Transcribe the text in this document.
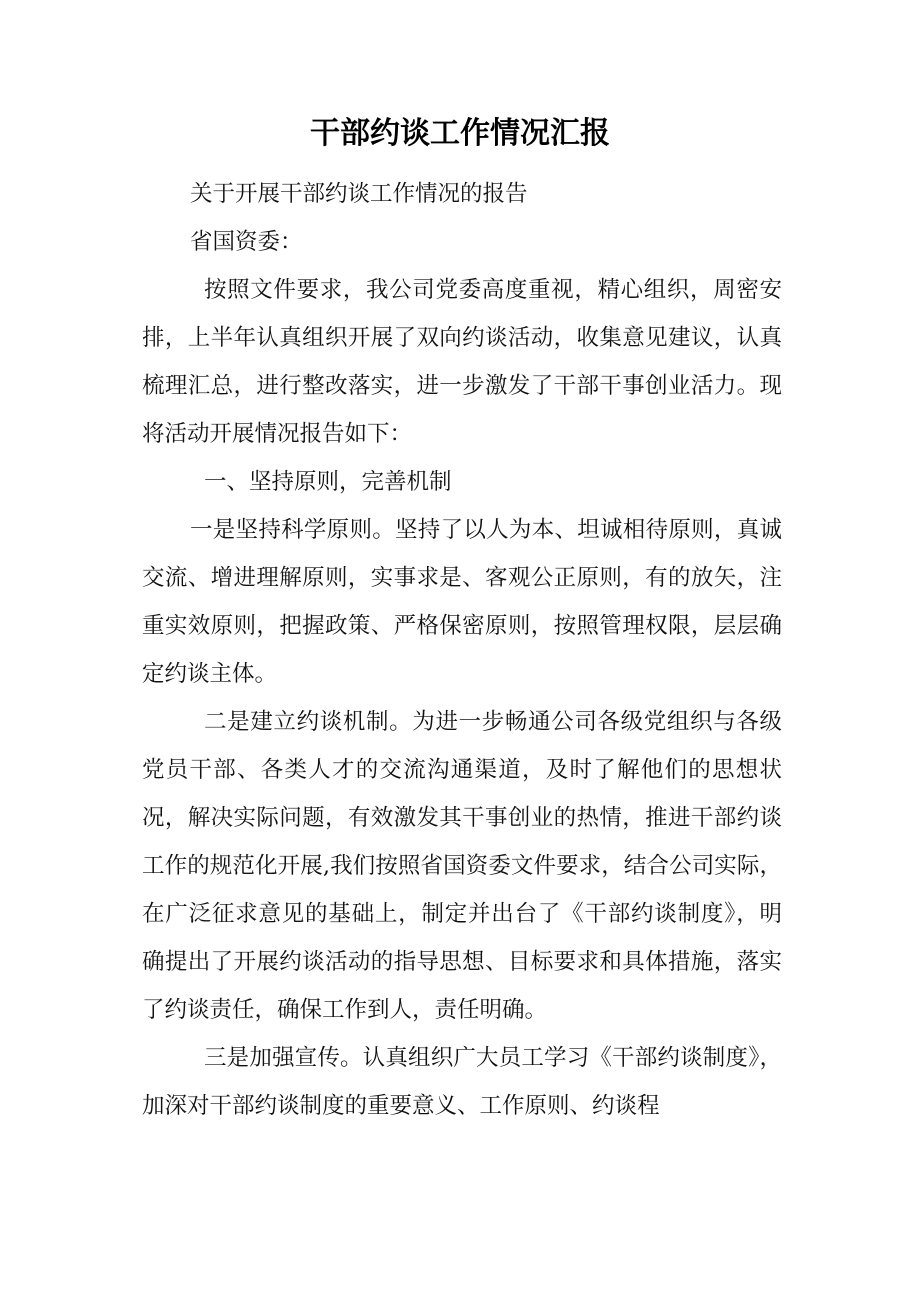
干部约谈工作情况汇报

关于开展干部约谈工作情况的报告

省国资委：

按照文件要求，我公司党委高度重视，精心组织，周密安排，上半年认真组织开展了双向约谈活动，收集意见建议，认真梳理汇总，进行整改落实，进一步激发了干部干事创业活力。现将活动开展情况报告如下：

一、坚持原则，完善机制

一是坚持科学原则。坚持了以人为本、坦诚相待原则，真诚交流、增进理解原则，实事求是、客观公正原则，有的放矢，注重实效原则，把握政策、严格保密原则，按照管理权限，层层确定约谈主体。

二是建立约谈机制。为进一步畅通公司各级党组织与各级党员干部、各类人才的交流沟通渠道，及时了解他们的思想状况，解决实际问题，有效激发其干事创业的热情，推进干部约谈工作的规范化开展,我们按照省国资委文件要求，结合公司实际，在广泛征求意见的基础上，制定并出台了《干部约谈制度》，明确提出了开展约谈活动的指导思想、目标要求和具体措施，落实了约谈责任，确保工作到人，责任明确。

三是加强宣传。认真组织广大员工学习《干部约谈制度》，加深对干部约谈制度的重要意义、工作原则、约谈程
